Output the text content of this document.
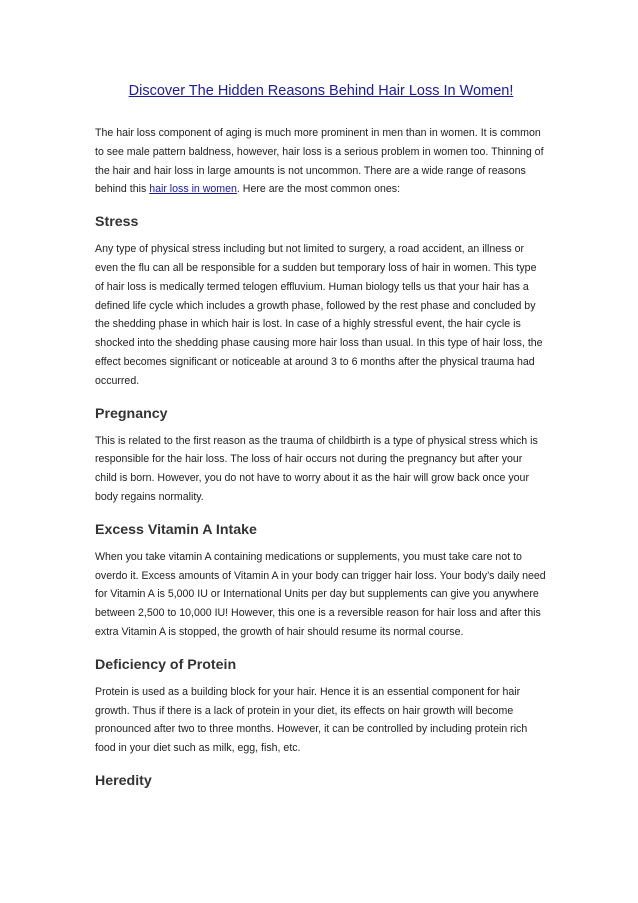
Discover The Hidden Reasons Behind Hair Loss In Women!

The hair loss component of aging is much more prominent in men than in women. It is common to see male pattern baldness, however, hair loss is a serious problem in women too. Thinning of the hair and hair loss in large amounts is not uncommon. There are a wide range of reasons behind this hair loss in women. Here are the most common ones:

Stress

Any type of physical stress including but not limited to surgery, a road accident, an illness or even the flu can all be responsible for a sudden but temporary loss of hair in women. This type of hair loss is medically termed telogen effluvium. Human biology tells us that your hair has a defined life cycle which includes a growth phase, followed by the rest phase and concluded by the shedding phase in which hair is lost. In case of a highly stressful event, the hair cycle is shocked into the shedding phase causing more hair loss than usual. In this type of hair loss, the effect becomes significant or noticeable at around 3 to 6 months after the physical trauma had occurred.

Pregnancy

This is related to the first reason as the trauma of childbirth is a type of physical stress which is responsible for the hair loss. The loss of hair occurs not during the pregnancy but after your child is born. However, you do not have to worry about it as the hair will grow back once your body regains normality.

Excess Vitamin A Intake

When you take vitamin A containing medications or supplements, you must take care not to overdo it. Excess amounts of Vitamin A in your body can trigger hair loss. Your body’s daily need for Vitamin A is 5,000 IU or International Units per day but supplements can give you anywhere between 2,500 to 10,000 IU! However, this one is a reversible reason for hair loss and after this extra Vitamin A is stopped, the growth of hair should resume its normal course.

Deficiency of Protein

Protein is used as a building block for your hair. Hence it is an essential component for hair growth. Thus if there is a lack of protein in your diet, its effects on hair growth will become pronounced after two to three months. However, it can be controlled by including protein rich food in your diet such as milk, egg, fish, etc.

Heredity
